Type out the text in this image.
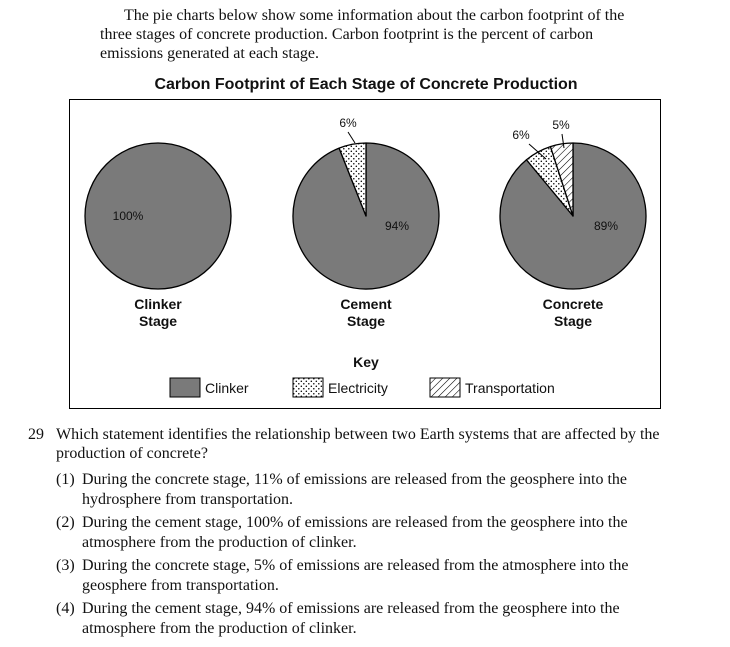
The pie charts below show some information about the carbon footprint of the three stages of concrete production. Carbon footprint is the percent of carbon emissions generated at each stage.
Carbon Footprint of Each Stage of Concrete Production
100%
Clinker
Stage
94%
6%
Cement
Stage
89%
6%
5%
Concrete
Stage
Key
Clinker	Electricity	Transportation
29 Which statement identifies the relationship between two Earth systems that are affected by the production of concrete?
(1) During the concrete stage, 11% of emissions are released from the geosphere into the hydrosphere from transportation.
(2) During the cement stage, 100% of emissions are released from the geosphere into the atmosphere from the production of clinker.
(3) During the concrete stage, 5% of emissions are released from the atmosphere into the geosphere from transportation.
(4) During the cement stage, 94% of emissions are released from the geosphere into the atmosphere from the production of clinker.
